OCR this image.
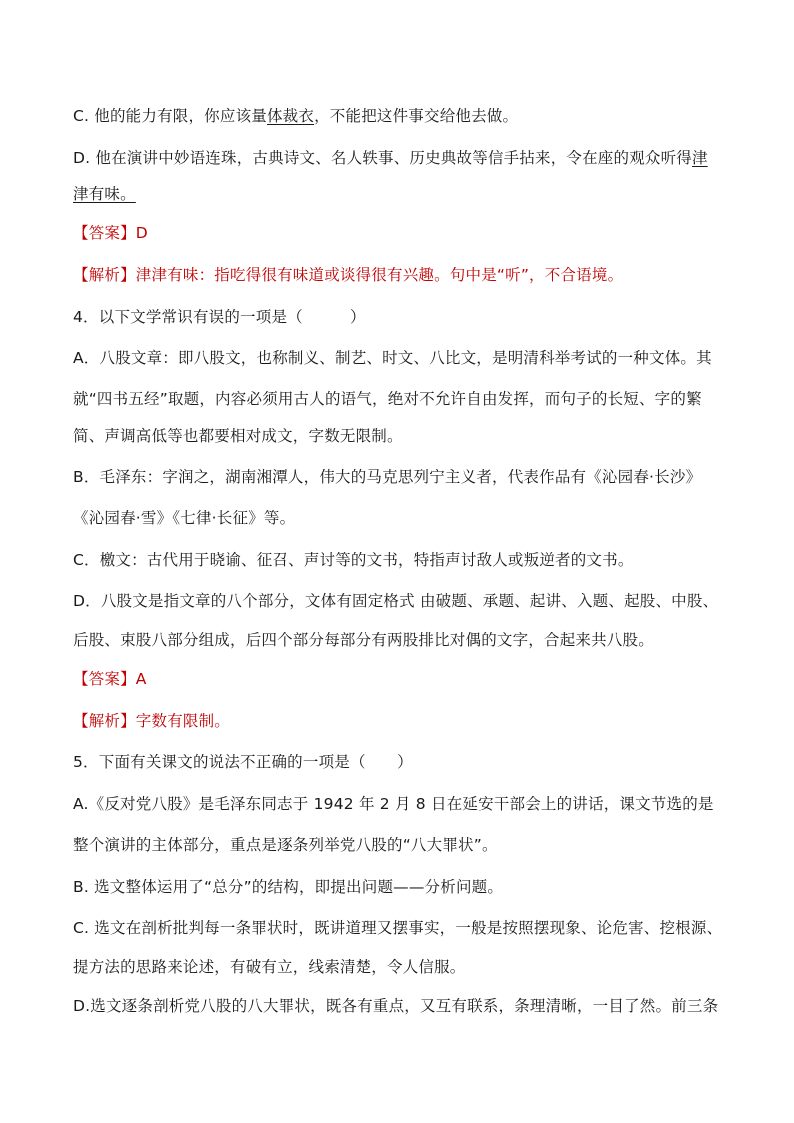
C. 他的能力有限，你应该量体裁衣，不能把这件事交给他去做。
D. 他在演讲中妙语连珠，古典诗文、名人轶事、历史典故等信手拈来，令在座的观众听得津
津有味。
【答案】D
【解析】津津有味：指吃得很有味道或谈得很有兴趣。句中是“听”，不合语境。
4．以下文学常识有误的一项是（　　　）
A．八股文章：即八股文，也称制义、制艺、时文、八比文，是明清科举考试的一种文体。其
就“四书五经”取题，内容必须用古人的语气，绝对不允许自由发挥，而句子的长短、字的繁
简、声调高低等也都要相对成文，字数无限制。
B．毛泽东：字润之，湖南湘潭人，伟大的马克思列宁主义者，代表作品有《沁园春·长沙》
《沁园春·雪》《七律·长征》等。
C．檄文：古代用于晓谕、征召、声讨等的文书，特指声讨敌人或叛逆者的文书。
D．八股文是指文章的八个部分，文体有固定格式 由破题、承题、起讲、入题、起股、中股、
后股、束股八部分组成，后四个部分每部分有两股排比对偶的文字，合起来共八股。
【答案】A
【解析】字数有限制。
5．下面有关课文的说法不正确的一项是（　　）
A.《反对党八股》是毛泽东同志于 1942 年 2 月 8 日在延安干部会上的讲话，课文节选的是
整个演讲的主体部分，重点是逐条列举党八股的“八大罪状”。
B. 选文整体运用了“总分”的结构，即提出问题——分析问题。
C. 选文在剖析批判每一条罪状时，既讲道理又摆事实，一般是按照摆现象、论危害、挖根源、
提方法的思路来论述，有破有立，线索清楚，令人信服。
D.选文逐条剖析党八股的八大罪状，既各有重点，又互有联系，条理清晰，一目了然。前三条
